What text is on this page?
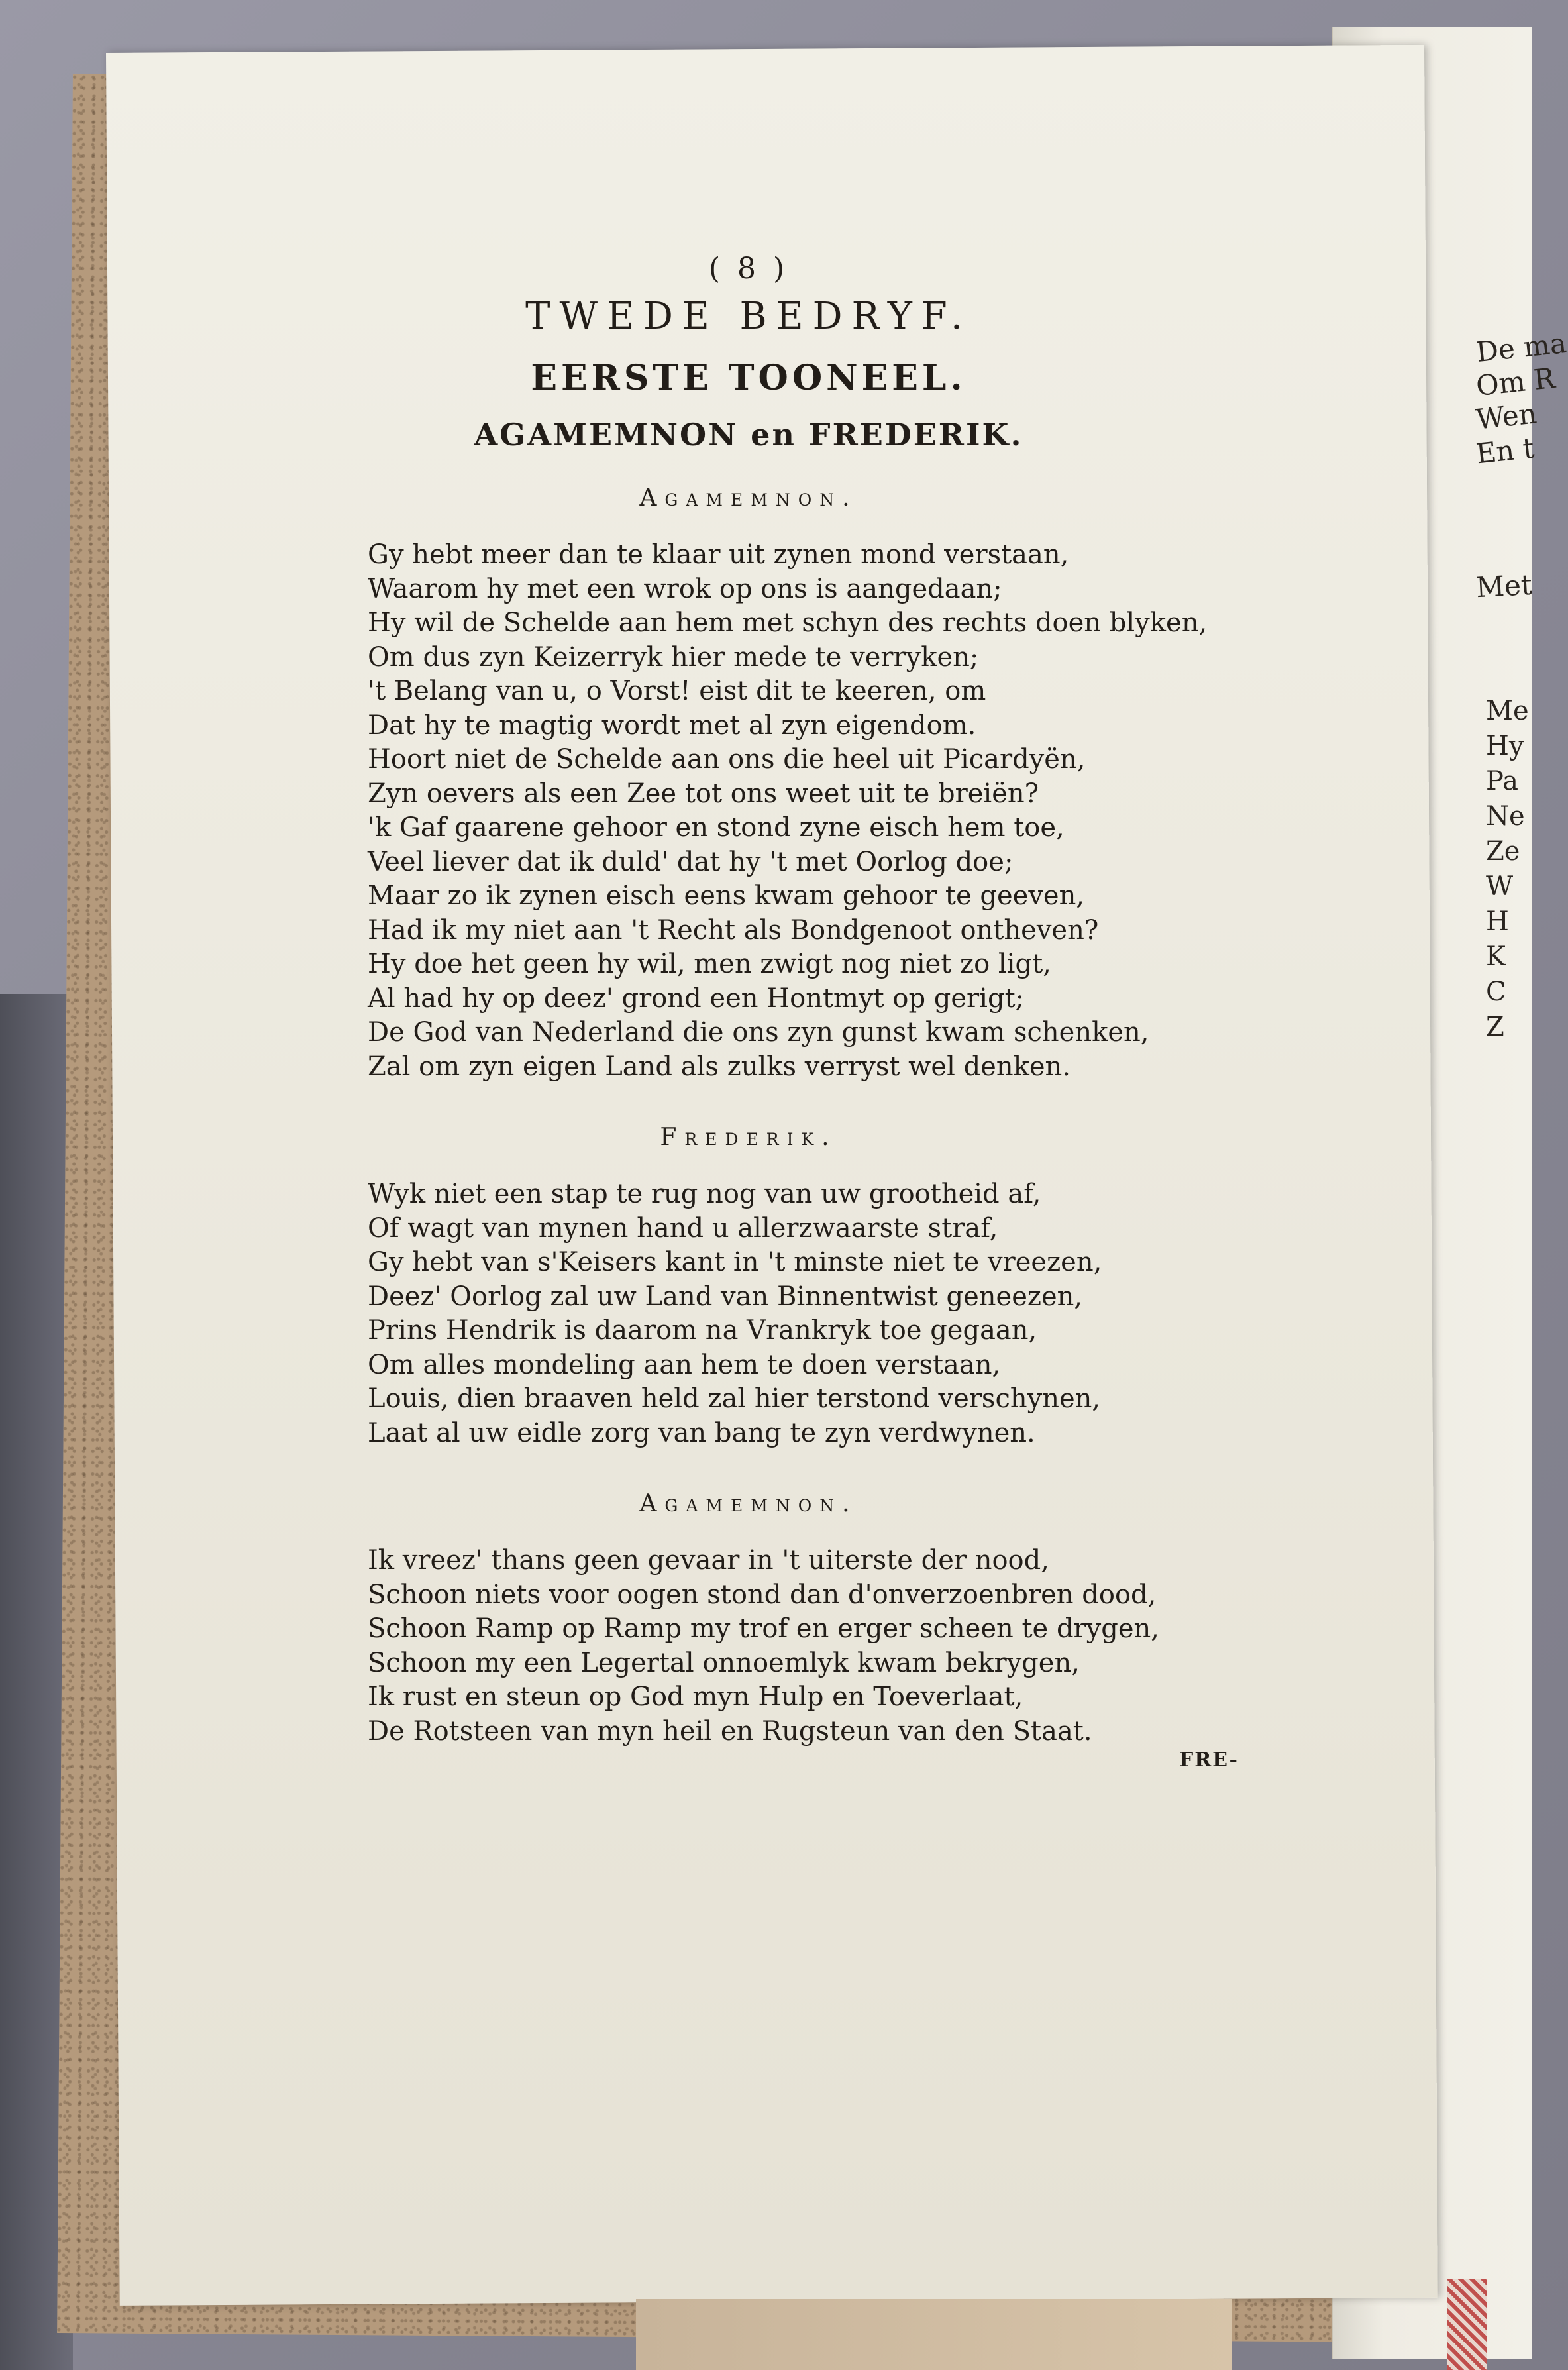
De ma
Om R
Wen
En t
Met
Me
Hy
Pa
Ne
Ze
W
H
K
C
Z
( 8 )
TWEDE BEDRYF.
EERSTE TOONEEL.
AGAMEMNON en FREDERIK.
Agamemnon.
Gy hebt meer dan te klaar uit zynen mond verstaan,
Waarom hy met een wrok op ons is aangedaan;
Hy wil de Schelde aan hem met schyn des rechts doen blyken,
Om dus zyn Keizerryk hier mede te verryken;
't Belang van u, o Vorst! eist dit te keeren, om
Dat hy te magtig wordt met al zyn eigendom.
Hoort niet de Schelde aan ons die heel uit Picardyën,
Zyn oevers als een Zee tot ons weet uit te breiën?
'k Gaf gaarene gehoor en stond zyne eisch hem toe,
Veel liever dat ik duld' dat hy 't met Oorlog doe;
Maar zo ik zynen eisch eens kwam gehoor te geeven,
Had ik my niet aan 't Recht als Bondgenoot ontheven?
Hy doe het geen hy wil, men zwigt nog niet zo ligt,
Al had hy op deez' grond een Hontmyt op gerigt;
De God van Nederland die ons zyn gunst kwam schenken,
Zal om zyn eigen Land als zulks verryst wel denken.
Frederik.
Wyk niet een stap te rug nog van uw grootheid af,
Of wagt van mynen hand u allerzwaarste straf,
Gy hebt van s'Keisers kant in 't minste niet te vreezen,
Deez' Oorlog zal uw Land van Binnentwist geneezen,
Prins Hendrik is daarom na Vrankryk toe gegaan,
Om alles mondeling aan hem te doen verstaan,
Louis, dien braaven held zal hier terstond verschynen,
Laat al uw eidle zorg van bang te zyn verdwynen.
Agamemnon.
Ik vreez' thans geen gevaar in 't uiterste der nood,
Schoon niets voor oogen stond dan d'onverzoenbren dood,
Schoon Ramp op Ramp my trof en erger scheen te drygen,
Schoon my een Legertal onnoemlyk kwam bekrygen,
Ik rust en steun op God myn Hulp en Toeverlaat,
De Rotsteen van myn heil en Rugsteun van den Staat.
FRE-
